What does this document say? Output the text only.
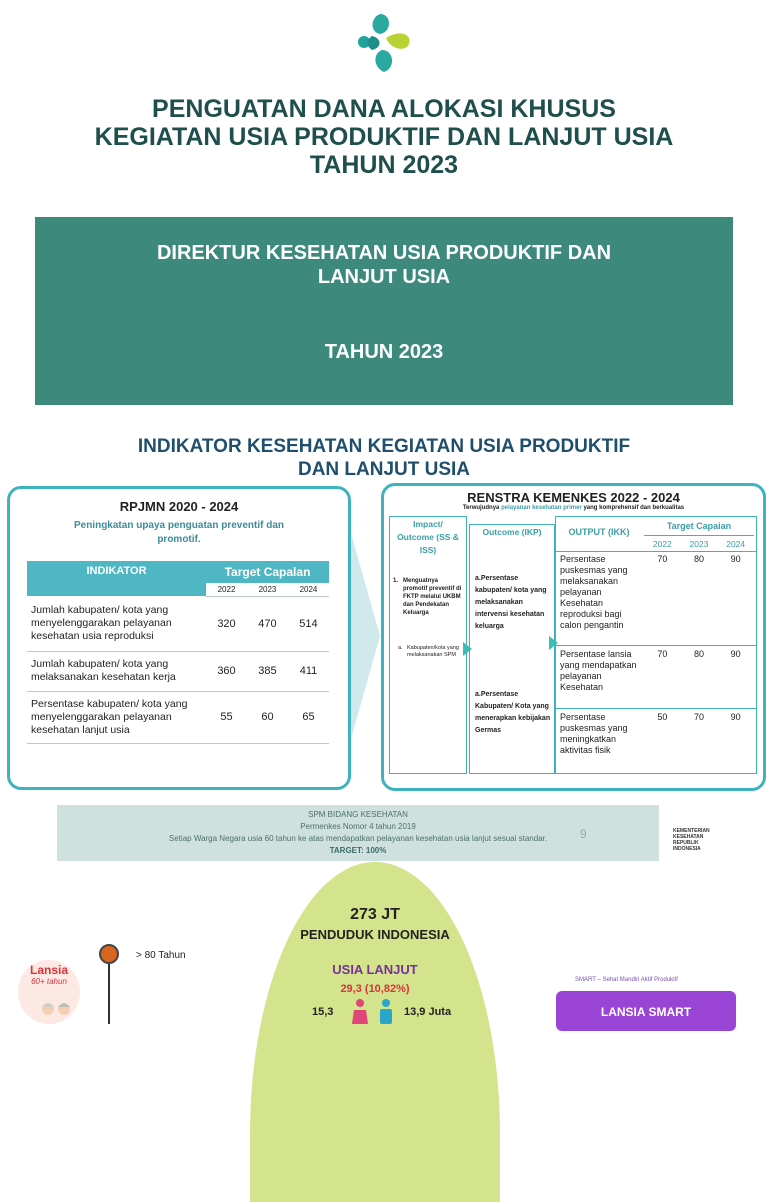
PENGUATAN DANA ALOKASI KHUSUS
KEGIATAN USIA PRODUKTIF DAN LANJUT USIA
TAHUN 2023
DIREKTUR KESEHATAN USIA PRODUKTIF DAN
LANJUT USIA
TAHUN 2023
INDIKATOR KESEHATAN KEGIATAN USIA PRODUKTIF
DAN LANJUT USIA
RPJMN 2020 - 2024
Peningkatan upaya penguatan preventif dan
promotif.
INDIKATOR	Target Capalan		
	2022	2023	2024
Jumlah kabupaten/ kota yang menyelenggarakan pelayanan kesehatan usia reproduksi	320	470	514
Jumlah kabupaten/ kota yang melaksanakan kesehatan kerja	360	385	411
Persentase kabupaten/ kota yang menyelenggarakan pelayanan kesehatan lanjut usia	55	60	65
RENSTRA KEMENKES 2022 - 2024
Terwujudnya pelayanan kesehatan primer yang komprehensif dan berkualitas
Impact/ Outcome (SS & ISS)
1. Menguatnya promotif preventif di FKTP melalui UKBM dan Pendekatan Keluarga
a. Kabupaten/kota yang melaksanakan SPM
Outcome (IKP)
a.Persentase kabupaten/ kota yang melaksanakan intervensi kesehatan keluarga
a.Persentase Kabupaten/ Kota yang menerapkan kebijakan Germas
OUTPUT (IKK)
Target Capaian
2022	2023	2024
Persentase puskesmas yang melaksanakan pelayanan Kesehatan reproduksi bagi calon pengantin
70	80	90
Persentase lansia yang mendapatkan pelayanan Kesehatan
70	80	90
Persentase puskesmas yang meningkatkan aktivitas fisik
50	70	90
SPM BIDANG KESEHATAN
Permenkes Nomor 4 tahun 2019
Setiap Warga Negara usia 60 tahun ke atas mendapatkan pelayanan kesehatan usia lanjut sesuai standar.
TARGET: 100%
9	KEMENTERIAN
KESEHATAN
REPUBLIK
INDONESIA
273 JT
PENDUDUK INDONESIA
USIA LANJUT
29,3 (10,82%)
15,3	13,9 Juta
> 80 Tahun
Lansia
60+ tahun	SMART – Sehat Mandiri Aktif Produktif
LANSIA SMART
